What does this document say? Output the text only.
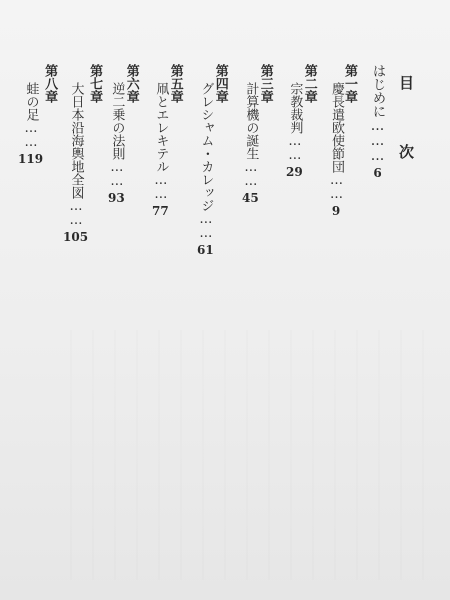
目 次
はじめに………6
第一章
慶長遣欧使節団……9
第二章
宗教裁判……29
第三章
計算機の誕生……45
第四章
グレシャム・カレッジ……61
第五章
凧とエレキテル……77
第六章
逆二乗の法則……93
第七章
大日本沿海輿地全図……105
第八章
蛙の足……119
